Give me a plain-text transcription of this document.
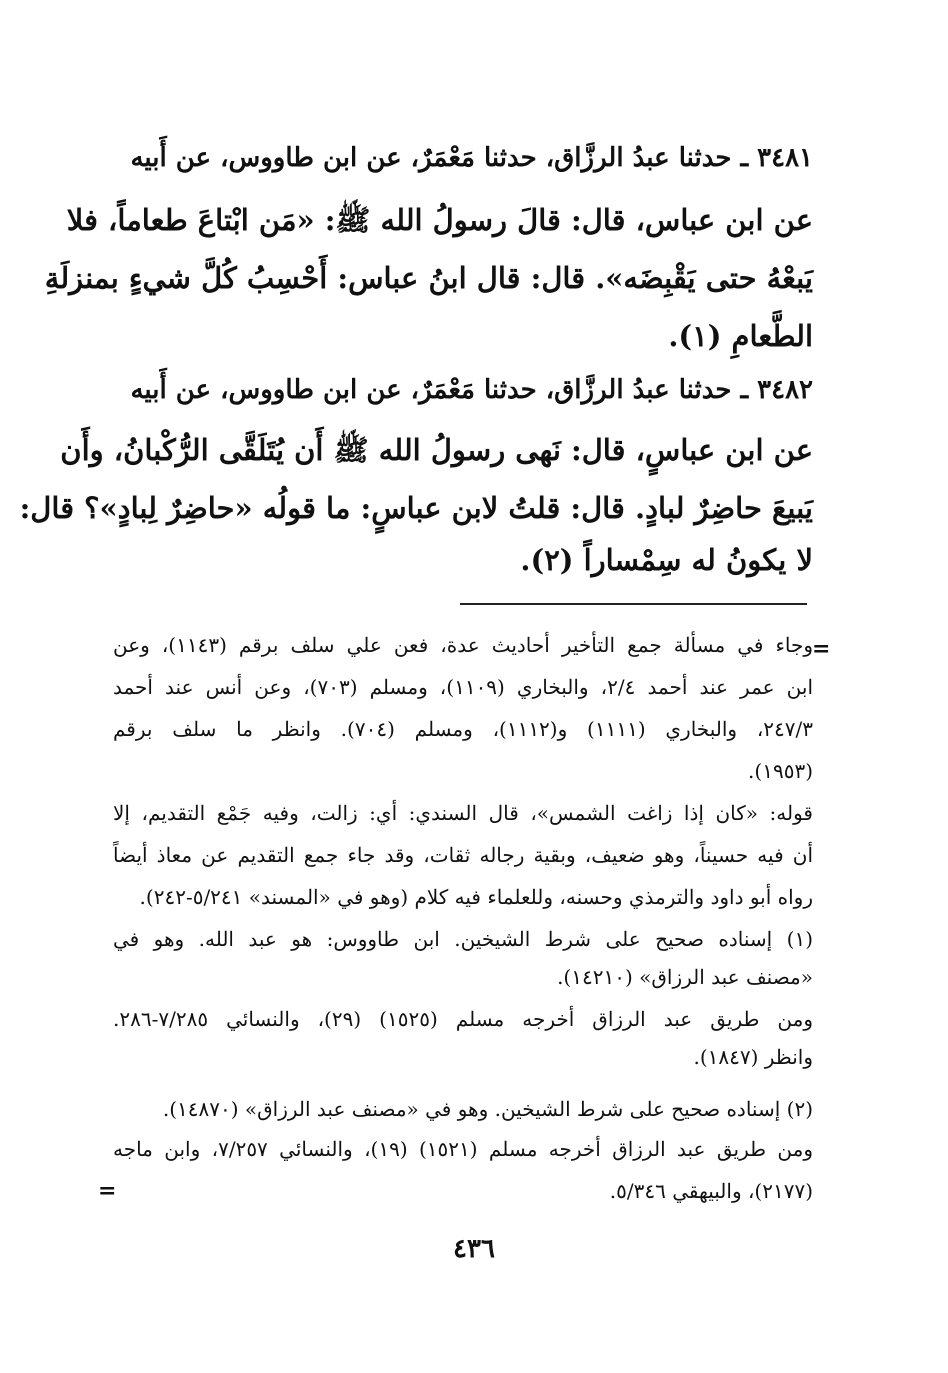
٣٤٨١ ـ حدثنا عبدُ الرزَّاق، حدثنا مَعْمَرٌ، عن ابن طاووس، عن أَبيه
عن ابن عباس، قال: قالَ رسولُ الله ﷺ: «مَن ابْتاعَ طعاماً، فلا
يَبعْهُ حتى يَقْبِضَه». قال: قال ابنُ عباس: أَحْسِبُ كُلَّ شيءٍ بمنزلَةِ
الطَّعامِ (١).
٣٤٨٢ ـ حدثنا عبدُ الرزَّاق، حدثنا مَعْمَرٌ، عن ابن طاووس، عن أَبيه
عن ابن عباسٍ، قال: نَهى رسولُ الله ﷺ أَن يُتَلَقَّى الرُّكْبانُ، وأَن
يَبيعَ حاضِرٌ لبادٍ. قال: قلتُ لابن عباسٍ: ما قولُه «حاضِرٌ لِبادٍ»؟ قال:
لا يكونُ له سِمْساراً (٢).
=
وجاء في مسألة جمع التأخير أحاديث عدة، فعن علي سلف برقم (١١٤٣)، وعن
ابن عمر عند أحمد ٢/٤، والبخاري (١١٠٩)، ومسلم (٧٠٣)، وعن أنس عند أحمد
٢٤٧/٣، والبخاري (١١١١) و(١١١٢)، ومسلم (٧٠٤). وانظر ما سلف برقم
(١٩٥٣).
قوله: «كان إذا زاغت الشمس»، قال السندي: أي: زالت، وفيه جَمْع التقديم، إلا
أن فيه حسيناً، وهو ضعيف، وبقية رجاله ثقات، وقد جاء جمع التقديم عن معاذ أيضاً
رواه أبو داود والترمذي وحسنه، وللعلماء فيه كلام (وهو في «المسند» ٥/٢٤١-٢٤٢).
(١) إسناده صحيح على شرط الشيخين. ابن طاووس: هو عبد الله. وهو في
«مصنف عبد الرزاق» (١٤٢١٠).
ومن طريق عبد الرزاق أخرجه مسلم (١٥٢٥) (٢٩)، والنسائي ٧/٢٨٥-٢٨٦.
وانظر (١٨٤٧).
(٢) إسناده صحيح على شرط الشيخين. وهو في «مصنف عبد الرزاق» (١٤٨٧٠).
ومن طريق عبد الرزاق أخرجه مسلم (١٥٢١) (١٩)، والنسائي ٧/٢٥٧، وابن ماجه
(٢١٧٧)، والبيهقي ٥/٣٤٦.
=
٤٣٦
